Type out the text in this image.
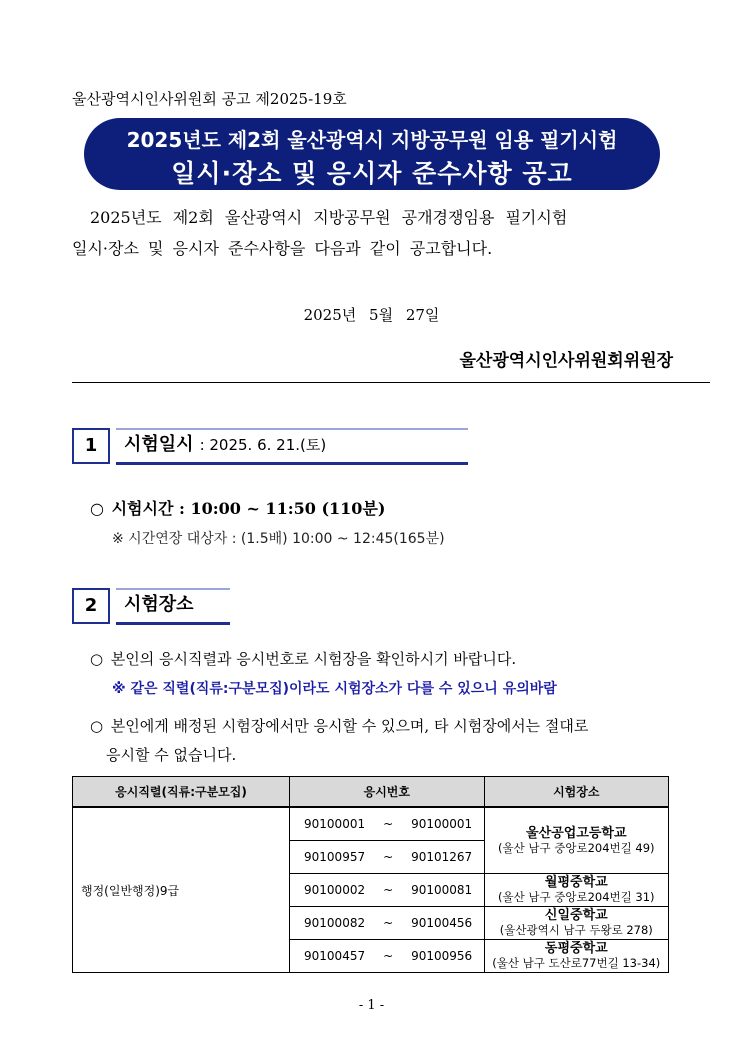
울산광역시인사위원회 공고 제2025-19호
2025년도 제2회 울산광역시 지방공무원 임용 필기시험
일시·장소 및 응시자 준수사항 공고
2025년도 제2회 울산광역시 지방공무원 공개경쟁임용 필기시험
일시·장소 및 응시자 준수사항을 다음과 같이 공고합니다.
2025년 5월 27일
울산광역시인사위원회위원장
1	시험일시 : 2025. 6. 21.(토)
○ 시험시간 : 10:00 ~ 11:50 (110분)
※ 시간연장 대상자 : (1.5배) 10:00 ~ 12:45(165분)
2	시험장소
○ 본인의 응시직렬과 응시번호로 시험장을 확인하시기 바랍니다.
※ 같은 직렬(직류:구분모집)이라도 시험장소가 다를 수 있으니 유의바람
○ 본인에게 배정된 시험장에서만 응시할 수 있으며, 타 시험장에서는 절대로
응시할 수 없습니다.
응시직렬(직류:구분모집)	응시번호	시험장소
행정(일반행정)9급	90100001 ~ 90100001	울산공업고등학교
(울산 남구 중앙로204번길 49)

	90100957 ~ 90101267	
	90100002 ~ 90100081	월평중학교
(울산 남구 중앙로204번길 31)

	90100082 ~ 90100456	신일중학교
(울산광역시 남구 두왕로 278)

	90100457 ~ 90100956	동평중학교
(울산 남구 도산로77번길 13-34)
- 1 -
